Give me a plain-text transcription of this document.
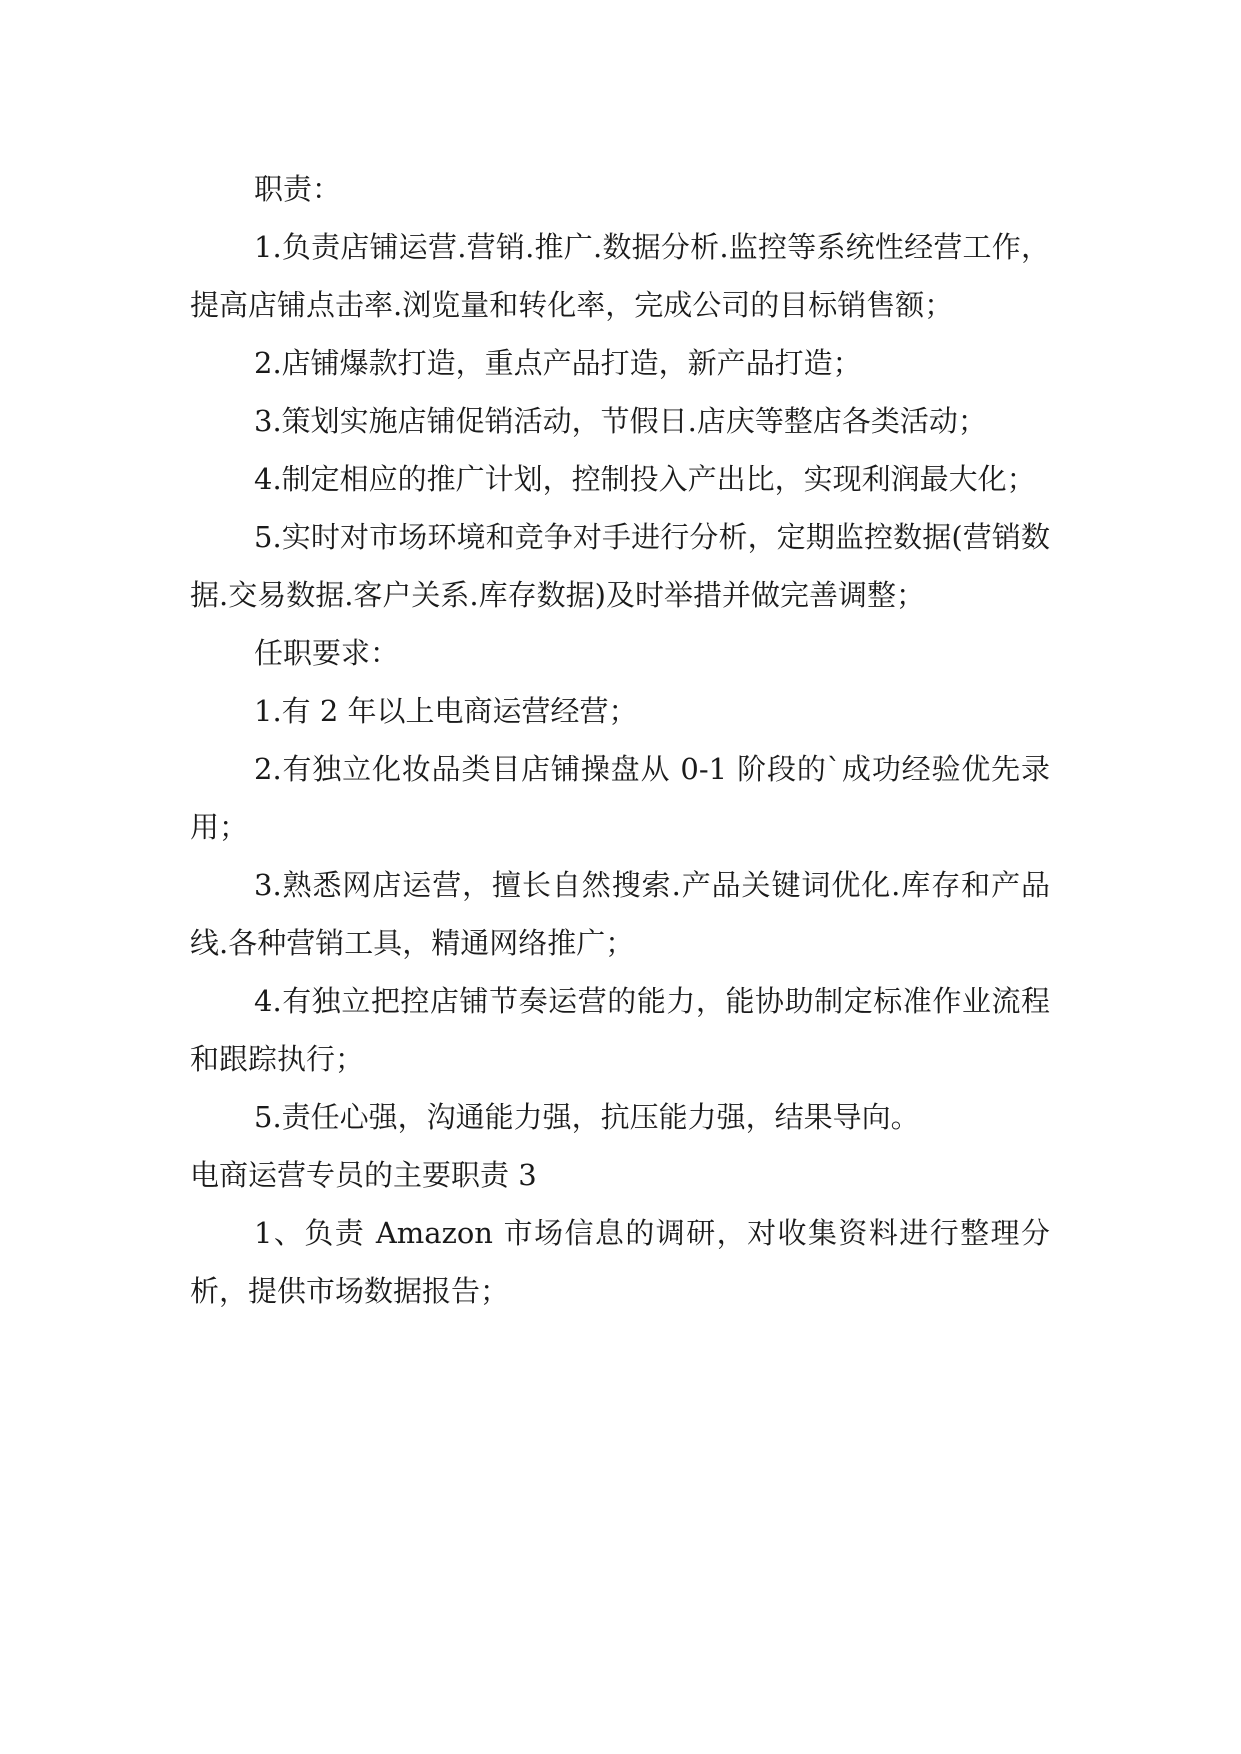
职责：

1.负责店铺运营.营销.推广.数据分析.监控等系统性经营工作，提高店铺点击率.浏览量和转化率，完成公司的目标销售额；

2.店铺爆款打造，重点产品打造，新产品打造；

3.策划实施店铺促销活动，节假日.店庆等整店各类活动；

4.制定相应的推广计划，控制投入产出比，实现利润最大化；

5.实时对市场环境和竞争对手进行分析，定期监控数据(营销数据.交易数据.客户关系.库存数据)及时举措并做完善调整；

任职要求：

1.有 2 年以上电商运营经营；

2.有独立化妆品类目店铺操盘从 0-1 阶段的`成功经验优先录用；

3.熟悉网店运营，擅长自然搜索.产品关键词优化.库存和产品线.各种营销工具，精通网络推广；

4.有独立把控店铺节奏运营的能力，能协助制定标准作业流程和跟踪执行；

5.责任心强，沟通能力强，抗压能力强，结果导向。

电商运营专员的主要职责 3

1、负责 Amazon 市场信息的调研，对收集资料进行整理分析，提供市场数据报告；
